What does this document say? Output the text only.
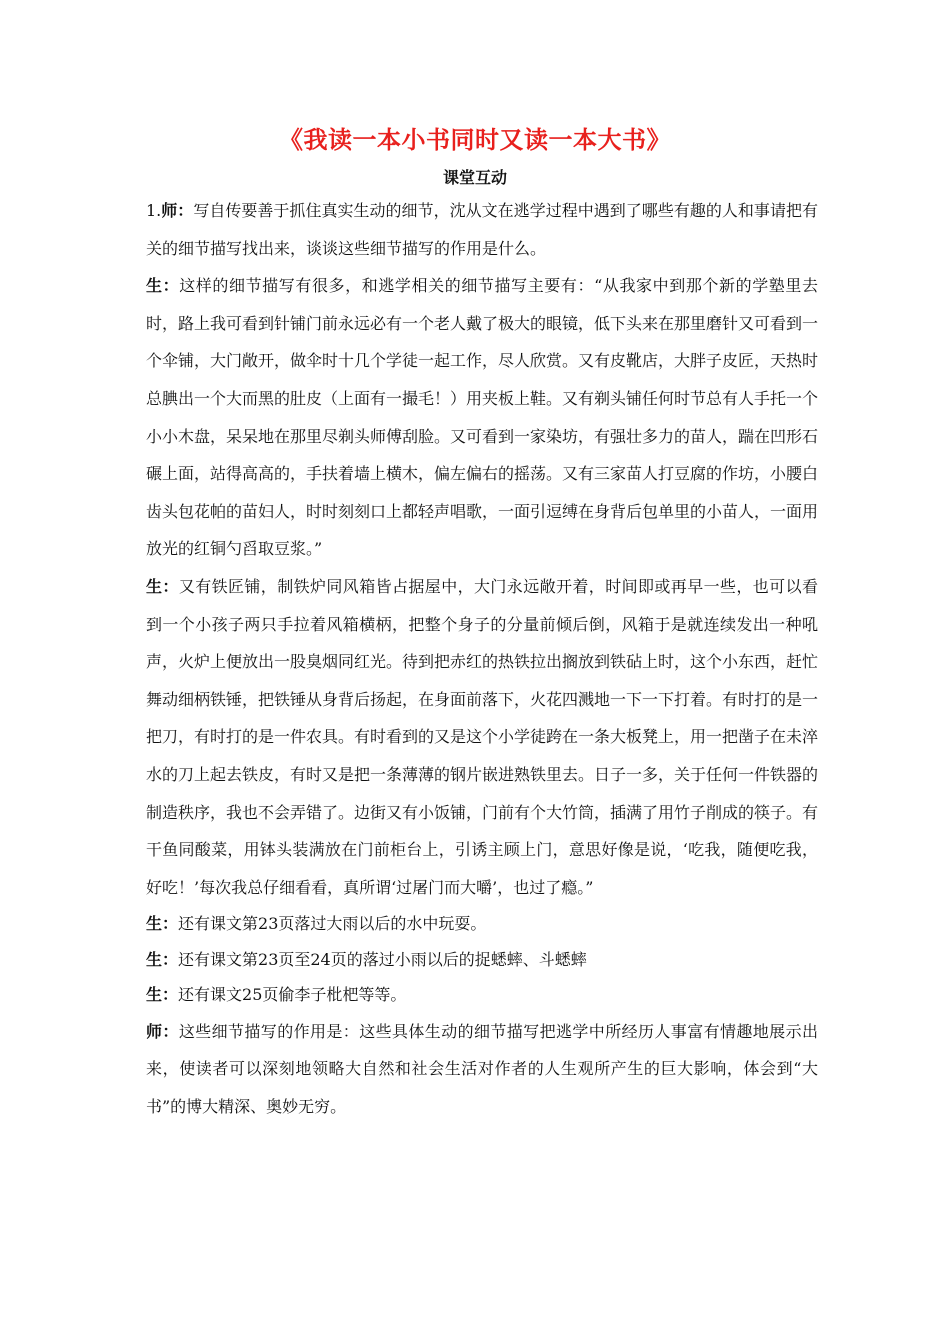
《我读一本小书同时又读一本大书》
课堂互动

1.师：写自传要善于抓住真实生动的细节，沈从文在逃学过程中遇到了哪些有趣的人和事请把有关的细节描写找出来，谈谈这些细节描写的作用是什么。

生：这样的细节描写有很多，和逃学相关的细节描写主要有：“从我家中到那个新的学塾里去时，路上我可看到针铺门前永远必有一个老人戴了极大的眼镜，低下头来在那里磨针又可看到一个伞铺，大门敞开，做伞时十几个学徒一起工作，尽人欣赏。又有皮靴店，大胖子皮匠，天热时总腆出一个大而黑的肚皮（上面有一撮毛！）用夹板上鞋。又有剃头铺任何时节总有人手托一个小小木盘，呆呆地在那里尽剃头师傅刮脸。又可看到一家染坊，有强壮多力的苗人，踹在凹形石碾上面，站得高高的，手扶着墙上横木，偏左偏右的摇荡。又有三家苗人打豆腐的作坊，小腰白齿头包花帕的苗妇人，时时刻刻口上都轻声唱歌，一面引逗缚在身背后包单里的小苗人，一面用放光的红铜勺舀取豆浆。”

生：又有铁匠铺，制铁炉同风箱皆占据屋中，大门永远敞开着，时间即或再早一些，也可以看到一个小孩子两只手拉着风箱横柄，把整个身子的分量前倾后倒，风箱于是就连续发出一种吼声，火炉上便放出一股臭烟同红光。待到把赤红的热铁拉出搁放到铁砧上时，这个小东西，赶忙舞动细柄铁锤，把铁锤从身背后扬起，在身面前落下，火花四溅地一下一下打着。有时打的是一把刀，有时打的是一件农具。有时看到的又是这个小学徒跨在一条大板凳上，用一把凿子在未淬水的刀上起去铁皮，有时又是把一条薄薄的钢片嵌进熟铁里去。日子一多，关于任何一件铁器的制造秩序，我也不会弄错了。边街又有小饭铺，门前有个大竹筒，插满了用竹子削成的筷子。有干鱼同酸菜，用钵头装满放在门前柜台上，引诱主顾上门，意思好像是说，‘吃我，随便吃我，好吃！’每次我总仔细看看，真所谓‘过屠门而大嚼’，也过了瘾。”

生：还有课文第23页落过大雨以后的水中玩耍。

生：还有课文第23页至24页的落过小雨以后的捉蟋蟀、斗蟋蟀

生：还有课文25页偷李子枇杷等等。

师：这些细节描写的作用是：这些具体生动的细节描写把逃学中所经历人事富有情趣地展示出来，使读者可以深刻地领略大自然和社会生活对作者的人生观所产生的巨大影响，体会到“大书”的博大精深、奥妙无穷。
